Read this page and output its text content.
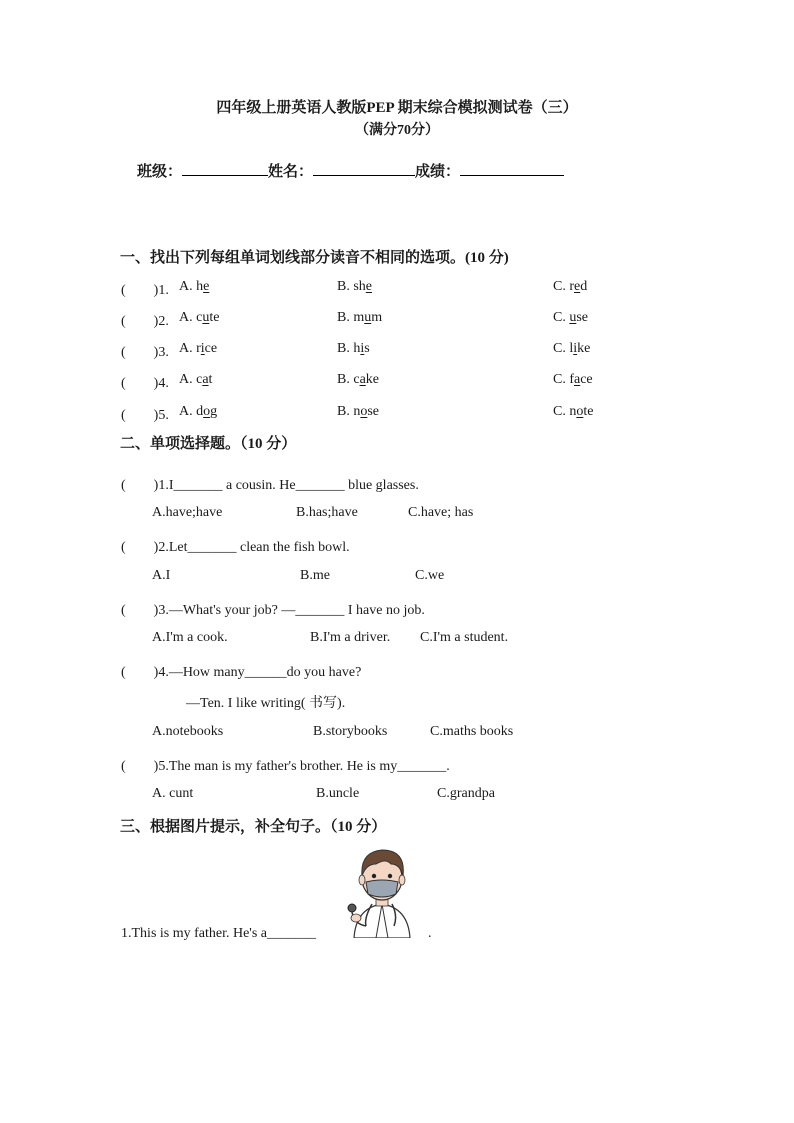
四年级上册英语人教版PEP 期末综合模拟测试卷（三）
（满分70分）
班级：	姓名：	成绩：
一、找出下列每组单词划线部分读音不相同的选项。(10 分)
(　　)1. A. he	B. she	C. red
(　　)2. A. cute	B. mum	C. use
(　　)3. A. rice	B. his	C. like
(　　)4. A. cat	B. cake	C. face
(　　)5. A. dog	B. nose	C. note
二、单项选择题。（10 分）
(　　)1.I_______ a cousin. He_______ blue glasses.
A.have;have	B.has;have	C.have; has
(　　)2.Let_______ clean the fish bowl.
A.I	B.me	C.we
(　　)3.—What's your job? —_______ I have no job.
A.I'm a cook.	B.I'm a driver. C.I'm a student.
(　　)4.—How many______do you have?
—Ten. I like writing( 书写).
A.notebooks	B.storybooks	C.maths books
(　　)5.The man is my father's brother. He is my_______.
A. cunt	B.uncle	C.grandpa
三、根据图片提示，补全句子。（10 分）
1.This is my father. He's a_______	.
